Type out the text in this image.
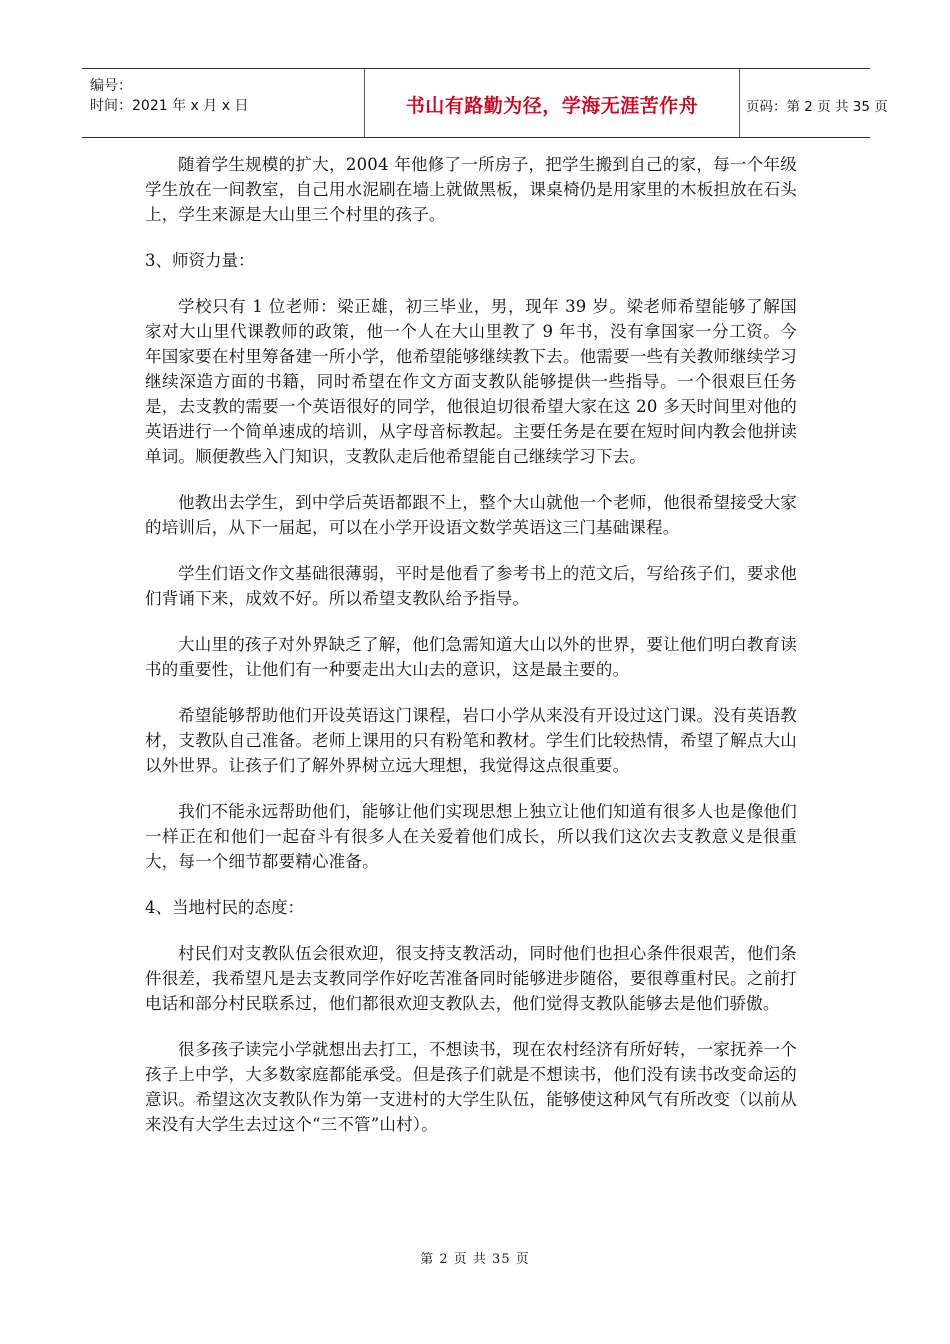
编号：
时间：2021 年 x 月 x 日	书山有路勤为径，学海无涯苦作舟	页码：第 2 页 共 35 页

随着学生规模的扩大，2004 年他修了一所房子，把学生搬到自己的家，每一个年级学生放在一间教室，自己用水泥刷在墙上就做黑板，课桌椅仍是用家里的木板担放在石头上，学生来源是大山里三个村里的孩子。

3、师资力量：

学校只有 1 位老师：梁正雄，初三毕业，男，现年 39 岁。梁老师希望能够了解国家对大山里代课教师的政策，他一个人在大山里教了 9 年书，没有拿国家一分工资。今年国家要在村里筹备建一所小学，他希望能够继续教下去。他需要一些有关教师继续学习继续深造方面的书籍，同时希望在作文方面支教队能够提供一些指导。一个很艰巨任务是，去支教的需要一个英语很好的同学，他很迫切很希望大家在这 20 多天时间里对他的英语进行一个简单速成的培训，从字母音标教起。主要任务是在要在短时间内教会他拼读单词。顺便教些入门知识，支教队走后他希望能自己继续学习下去。

他教出去学生，到中学后英语都跟不上，整个大山就他一个老师，他很希望接受大家的培训后，从下一届起，可以在小学开设语文数学英语这三门基础课程。

学生们语文作文基础很薄弱，平时是他看了参考书上的范文后，写给孩子们，要求他们背诵下来，成效不好。所以希望支教队给予指导。

大山里的孩子对外界缺乏了解，他们急需知道大山以外的世界，要让他们明白教育读书的重要性，让他们有一种要走出大山去的意识，这是最主要的。

希望能够帮助他们开设英语这门课程，岩口小学从来没有开设过这门课。没有英语教材，支教队自己准备。老师上课用的只有粉笔和教材。学生们比较热情，希望了解点大山以外世界。让孩子们了解外界树立远大理想，我觉得这点很重要。

我们不能永远帮助他们，能够让他们实现思想上独立让他们知道有很多人也是像他们一样正在和他们一起奋斗有很多人在关爱着他们成长，所以我们这次去支教意义是很重大，每一个细节都要精心准备。

4、当地村民的态度：

村民们对支教队伍会很欢迎，很支持支教活动，同时他们也担心条件很艰苦，他们条件很差，我希望凡是去支教同学作好吃苦准备同时能够进步随俗，要很尊重村民。之前打电话和部分村民联系过，他们都很欢迎支教队去，他们觉得支教队能够去是他们骄傲。

很多孩子读完小学就想出去打工，不想读书，现在农村经济有所好转，一家抚养一个孩子上中学，大多数家庭都能承受。但是孩子们就是不想读书，他们没有读书改变命运的意识。希望这次支教队作为第一支进村的大学生队伍，能够使这种风气有所改变（以前从来没有大学生去过这个“三不管”山村）。

第 2 页 共 35 页
